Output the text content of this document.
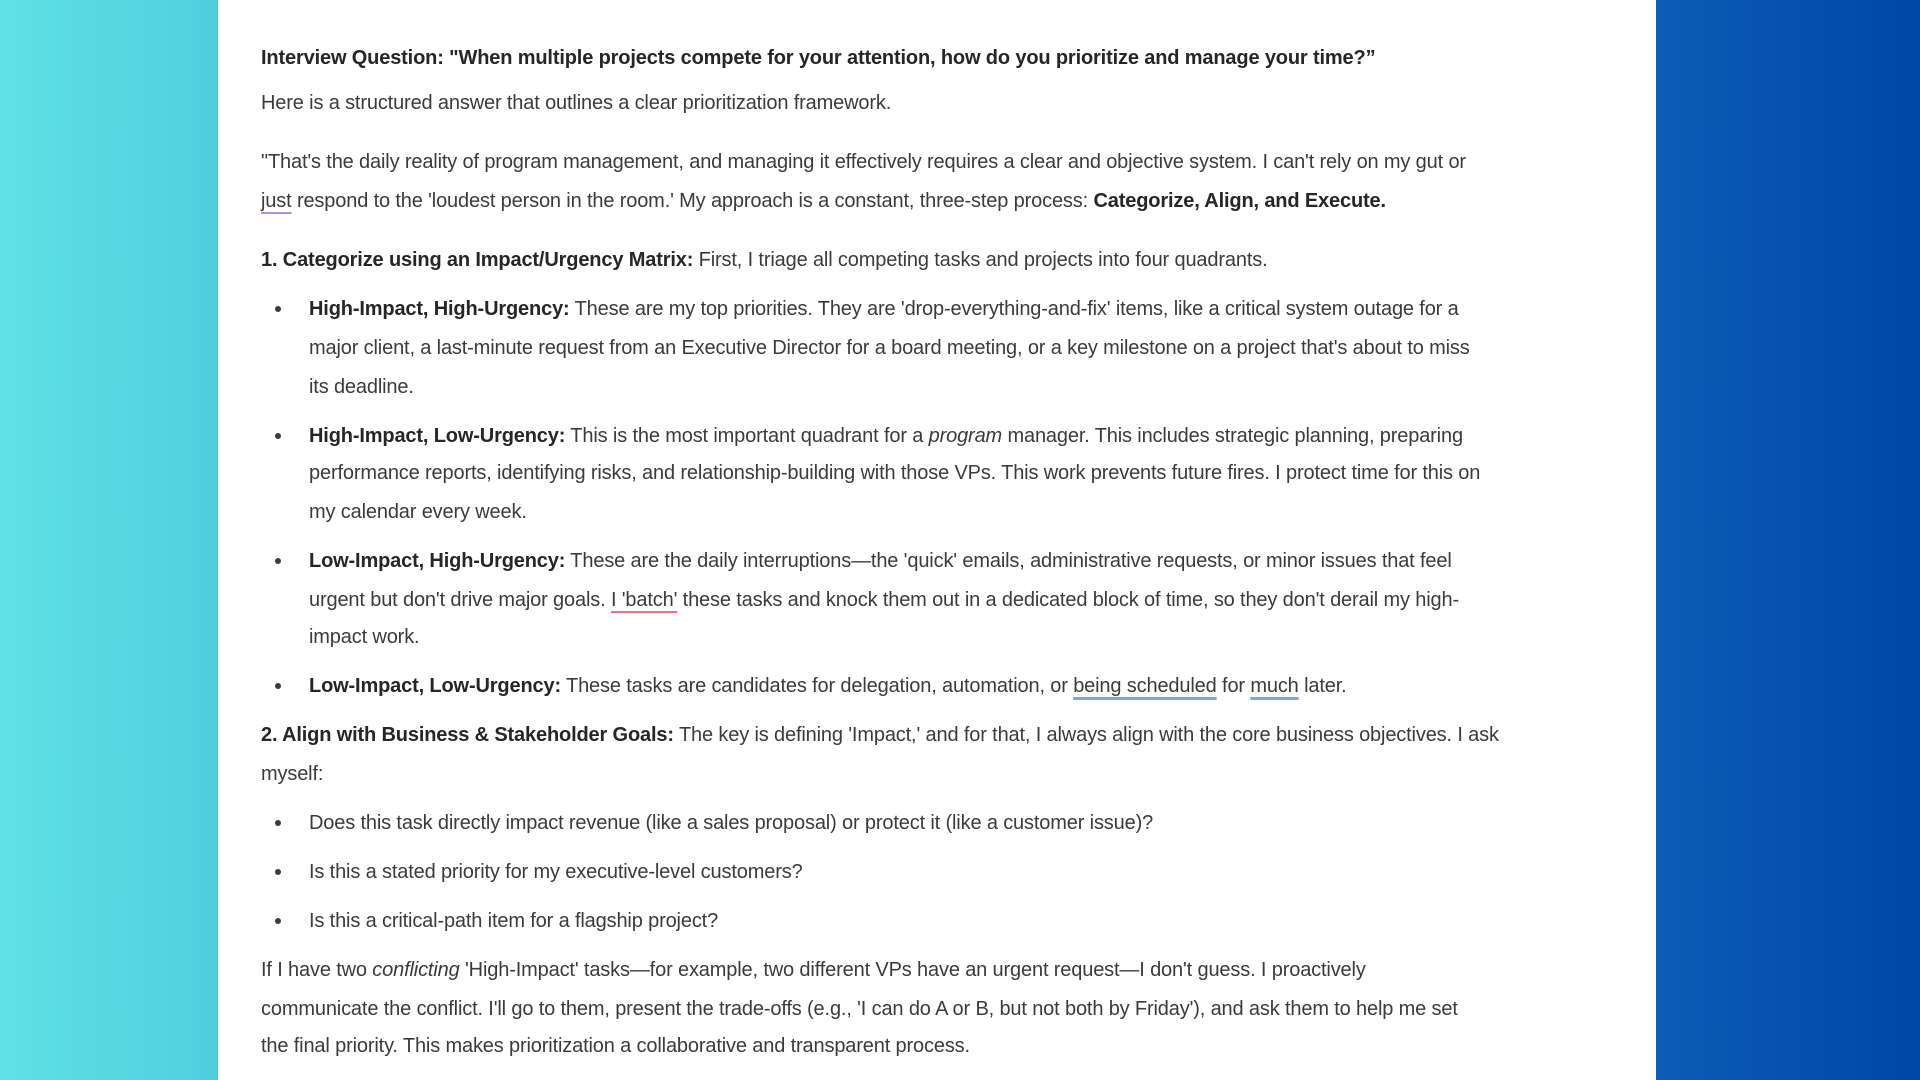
Interview Question: "When multiple projects compete for your attention, how do you prioritize and manage your time?”
Here is a structured answer that outlines a clear prioritization framework.
"That's the daily reality of program management, and managing it effectively requires a clear and objective system. I can't rely on my gut or
just respond to the 'loudest person in the room.' My approach is a constant, three-step process: Categorize, Align, and Execute.
1. Categorize using an Impact/Urgency Matrix: First, I triage all competing tasks and projects into four quadrants.
High-Impact, High-Urgency: These are my top priorities. They are 'drop-everything-and-fix' items, like a critical system outage for a
major client, a last-minute request from an Executive Director for a board meeting, or a key milestone on a project that's about to miss
its deadline.
High-Impact, Low-Urgency: This is the most important quadrant for a program manager. This includes strategic planning, preparing
performance reports, identifying risks, and relationship-building with those VPs. This work prevents future fires. I protect time for this on
my calendar every week.
Low-Impact, High-Urgency: These are the daily interruptions—the 'quick' emails, administrative requests, or minor issues that feel
urgent but don't drive major goals. I 'batch' these tasks and knock them out in a dedicated block of time, so they don't derail my high-
impact work.
Low-Impact, Low-Urgency: These tasks are candidates for delegation, automation, or being scheduled for much later.
2. Align with Business & Stakeholder Goals: The key is defining 'Impact,' and for that, I always align with the core business objectives. I ask
myself:
Does this task directly impact revenue (like a sales proposal) or protect it (like a customer issue)?
Is this a stated priority for my executive-level customers?
Is this a critical-path item for a flagship project?
If I have two conflicting 'High-Impact' tasks—for example, two different VPs have an urgent request—I don't guess. I proactively
communicate the conflict. I'll go to them, present the trade-offs (e.g., 'I can do A or B, but not both by Friday'), and ask them to help me set
the final priority. This makes prioritization a collaborative and transparent process.
